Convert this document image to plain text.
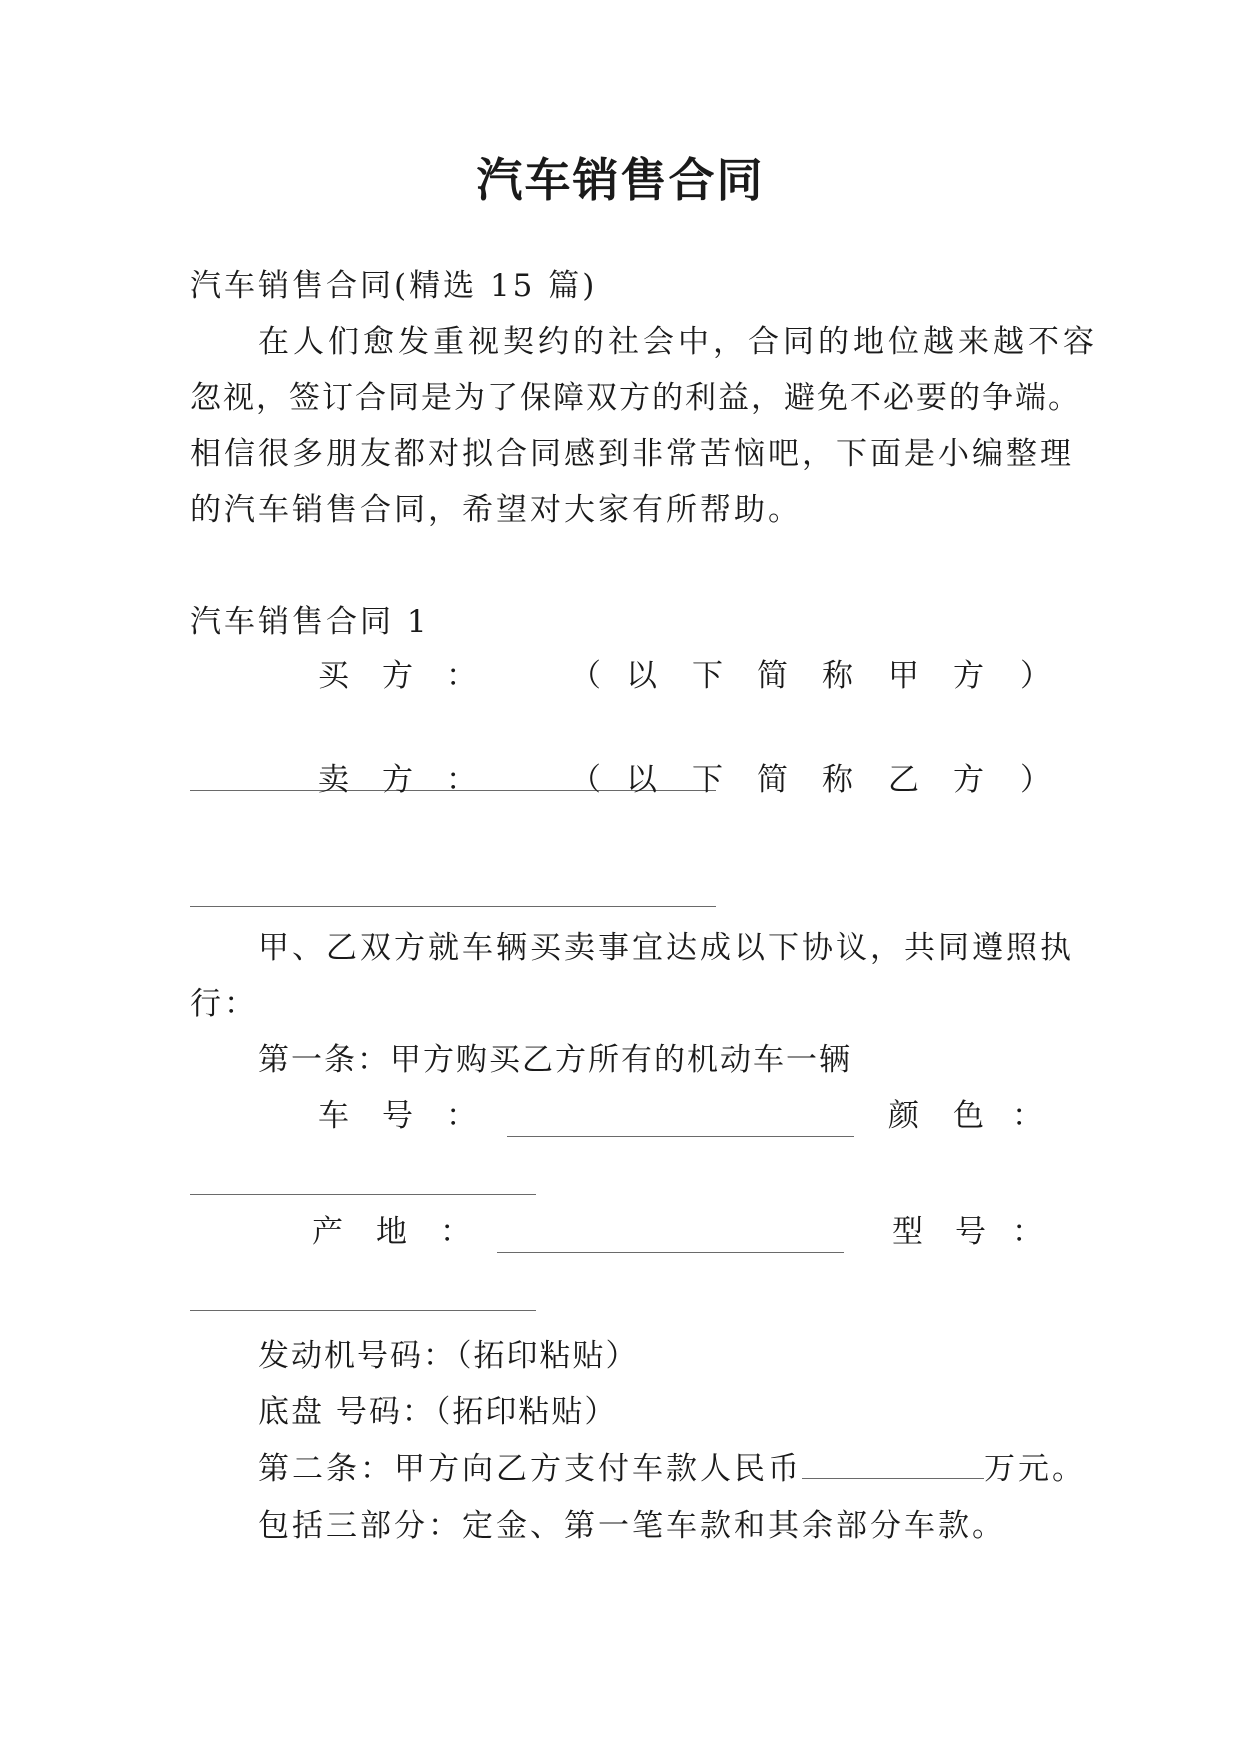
汽车销售合同
汽车销售合同(精选 15 篇)
在人们愈发重视契约的社会中，合同的地位越来越不容
忽视，签订合同是为了保障双方的利益，避免不必要的争端。
相信很多朋友都对拟合同感到非常苦恼吧，下面是小编整理
的汽车销售合同，希望对大家有所帮助。
汽车销售合同 1
买 方 ：	（ 以 下 简 称 甲 方 ）
卖 方 ：	（ 以 下 简 称 乙 方 ）
甲、乙双方就车辆买卖事宜达成以下协议，共同遵照执
行：
第一条：甲方购买乙方所有的机动车一辆
车 号 ：	颜 色 ：
产 地 ：	型 号 ：
发动机号码：（拓印粘贴）
底盘 号码：（拓印粘贴）
第二条：甲方向乙方支付车款人民币	万元。
包括三部分：定金、第一笔车款和其余部分车款。
